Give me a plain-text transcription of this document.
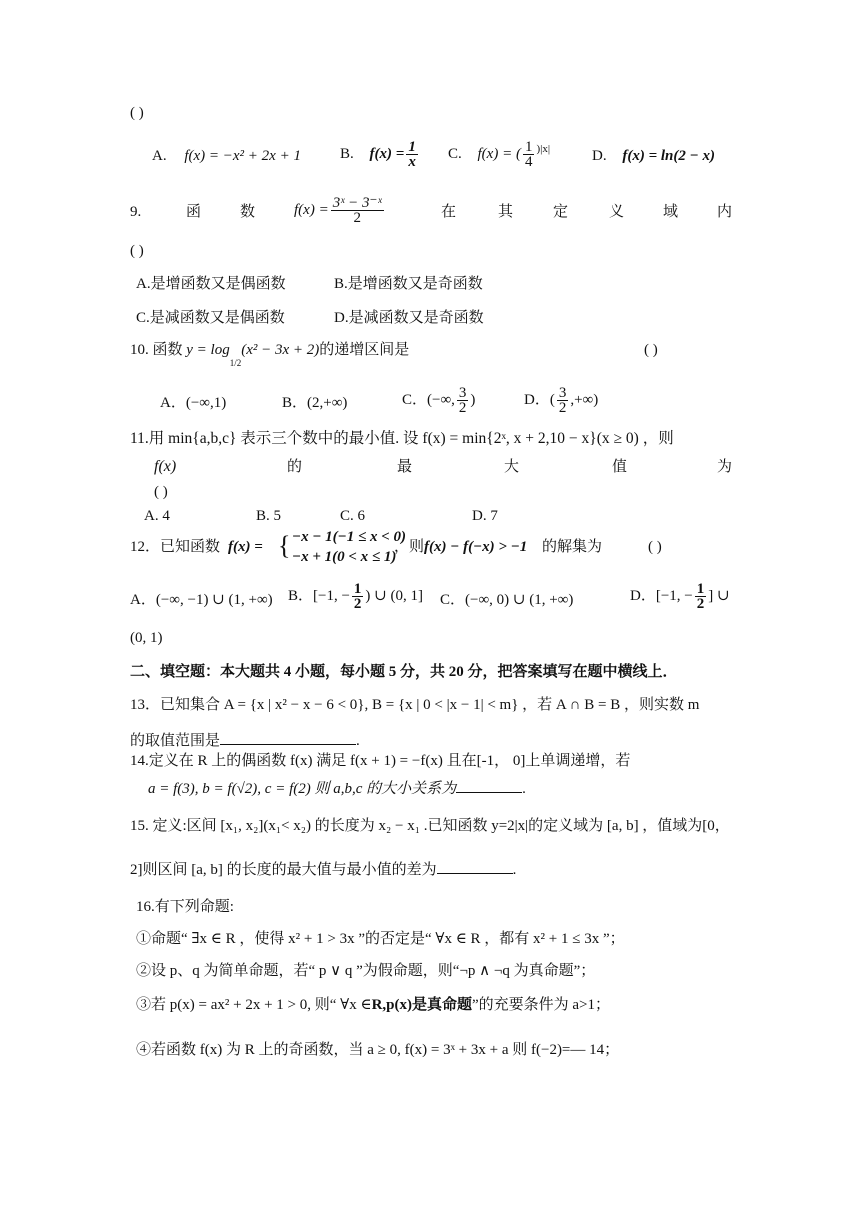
( )
A. f(x) = −x² + 2x + 1	B. $f(x) = \frac{1}{x} C$. f(x) = ( $\frac{1}{4} ^{)|x|}$	D. f(x) = ln(2 − x)
9.	函	数	$f(x) = \frac{\text{3ˣ − 3⁻ˣ}}{2}$	在	其	定	义	域	内
( )
A.是增函数又是偶函数	B.是增函数又是奇函数
C.是减函数又是偶函数	D.是减函数又是奇函数
10. 函数 $y = \log_{1/2}(x^2 - 3x + 2)$的递增区间是	( )
A．(−∞,1)	B．(2,+∞)	C．(−∞, $\frac{3}{2}$ )	D．( $\frac{3}{2}$ ,+∞)
11.用 min{a,b,c} 表示三个数中的最小值. 设 f(x) = min{2ˣ, x + 2,10 − x}(x ≥ 0) ，则
f(x)	的	最	大	值	为
( )
A. 4	B. 5	C. 6	D. 7
12．已知函数 f(x) = { −x − 1(−1 ≤ x < 0)
−x + 1(0 < x ≤ 1)
，则 f(x) − f(−x) > −1 的解集为	( )
A．(−∞, −1) ∪ (1, +∞) B．[−1, − $\frac{1}{2}$ ) ∪ (0, 1] C．(−∞, 0) ∪ (1, +∞)	D．[−1, − $\frac{1}{2}$ ] ∪
(0, 1)
二、填空题：本大题共 4 小题，每小题 5 分，共 20 分，把答案填写在题中横线上．
13．已知集合 A = {x | x² − x − 6 < 0}, B = {x | 0 < |x − 1| < m} ，若 A ∩ B = B ，则实数 m
的取值范围是	.
14.定义在 R 上的偶函数 f(x) 满足 f(x + 1) = −f(x) 且在[-1， 0]上单调递增，若
a = f(3), b = f(√2), c = f(2) 则 a,b,c 的大小关系为	.
15. 定义:区间 [x₁, x₂](x₁< x₂) 的长度为 x₂ − x₁ .已知函数 y=2|x|的定义域为 [a, b] ，值域为[0，
2]则区间 [a, b] 的长度的最大值与最小值的差为	.
16.有下列命题:
①命题“ ∃x ∈ R ，使得 x² + 1 > 3x ”的否定是“ ∀x ∈ R ，都有 x² + 1 ≤ 3x ”；
②设 p、q 为简单命题，若“ p ∨ q ”为假命题，则“¬p ∧ ¬q 为真命题”；
③若 p(x) = ax² + 2x + 1 > 0, 则“ ∀x ∈R,p(x)是真命题”的充要条件为 a>1；
④若函数 f(x) 为 R 上的奇函数，当 a ≥ 0, f(x) = 3ˣ + 3x + a 则 f(−2)=— 14；
